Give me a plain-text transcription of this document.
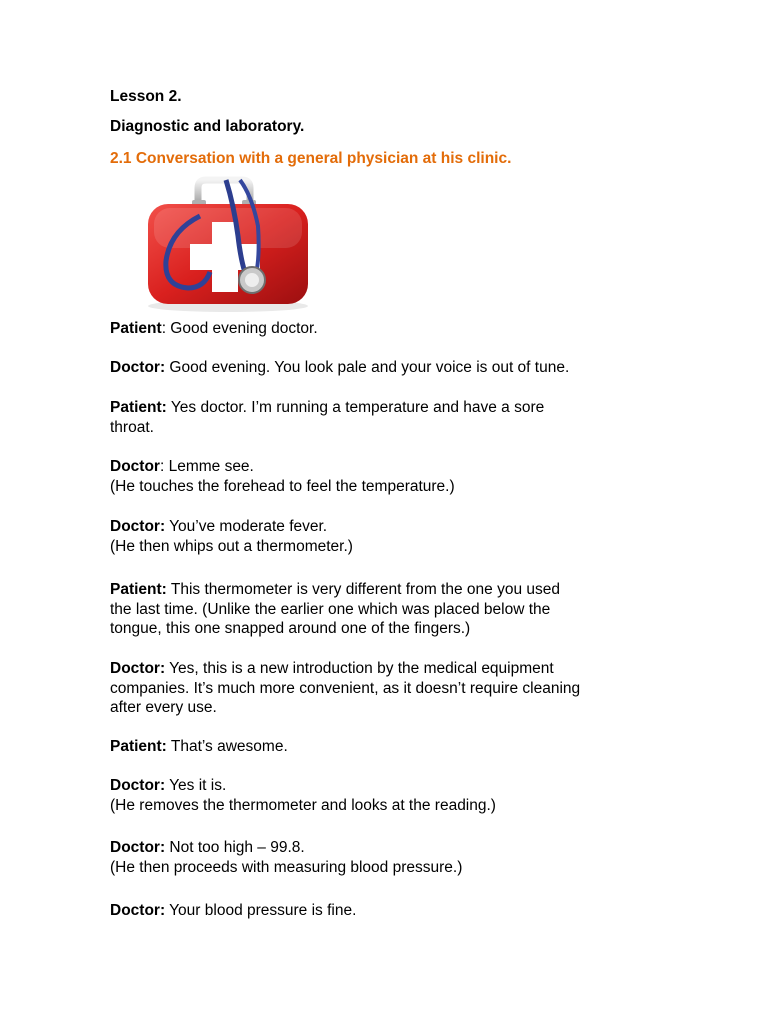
Lesson 2.

Diagnostic and laboratory.

2.1 Conversation with a general physician at his clinic.

Patient: Good evening doctor.

Doctor: Good evening. You look pale and your voice is out of tune.

Patient: Yes doctor. I’m running a temperature and have a sore

throat.

Doctor: Lemme see.

(He touches the forehead to feel the temperature.)

Doctor: You’ve moderate fever.

(He then whips out a thermometer.)

Patient: This thermometer is very different from the one you used

the last time. (Unlike the earlier one which was placed below the

tongue, this one snapped around one of the fingers.)

Doctor: Yes, this is a new introduction by the medical equipment

companies. It’s much more convenient, as it doesn’t require cleaning

after every use.

Patient: That’s awesome.

Doctor: Yes it is.

(He removes the thermometer and looks at the reading.)

Doctor: Not too high – 99.8.

(He then proceeds with measuring blood pressure.)

Doctor: Your blood pressure is fine.
